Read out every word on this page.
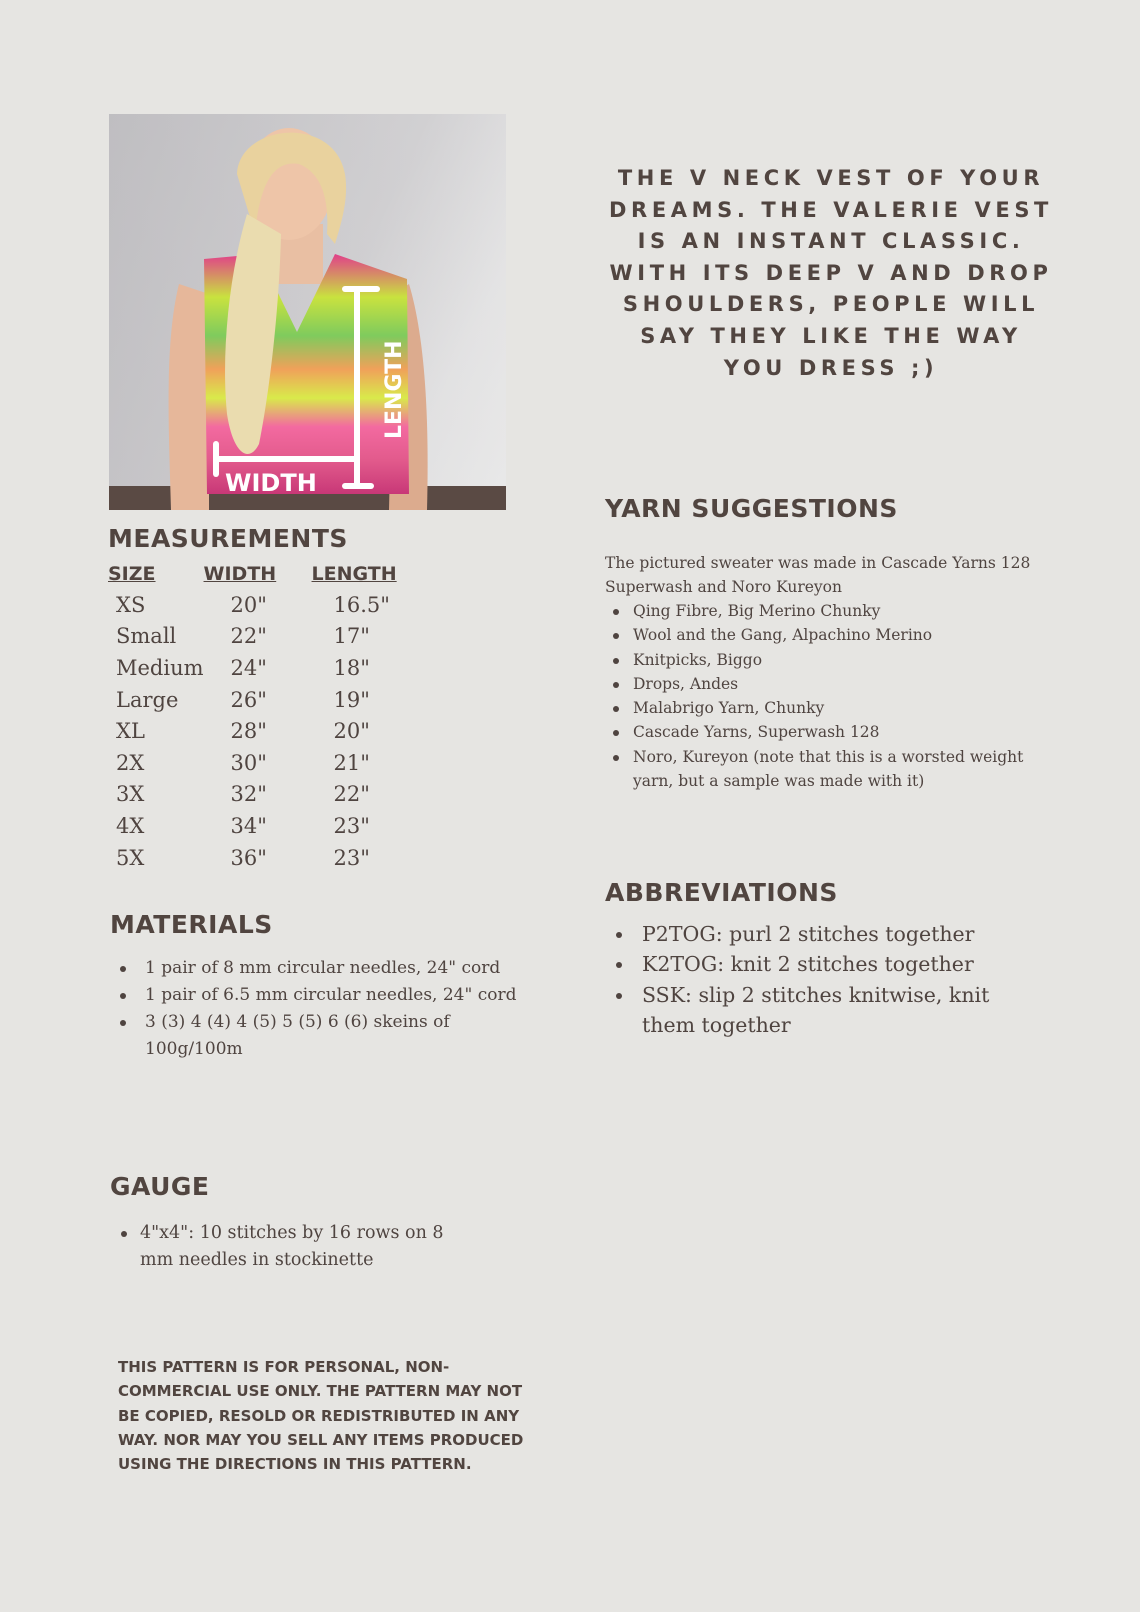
WIDTH
LENGTH
THE V NECK VEST OF YOUR DREAMS. THE VALERIE VEST IS AN INSTANT CLASSIC. WITH ITS DEEP V AND DROP SHOULDERS, PEOPLE WILL SAY THEY LIKE THE WAY YOU DRESS ;)
MEASUREMENTS
SIZE	WIDTH	LENGTH
XS	20"	16.5"
Small	22"	17"
Medium	24"	18"
Large	26"	19"
XL	28"	20"
2X	30"	21"
3X	32"	22"
4X	34"	23"
5X	36"	23"
MATERIALS
1 pair of 8 mm circular needles, 24" cord
1 pair of 6.5 mm circular needles, 24" cord
3 (3) 4 (4) 4 (5) 5 (5) 6 (6) skeins of 100g/100m
GAUGE
4"x4": 10 stitches by 16 rows on 8 mm needles in stockinette
THIS PATTERN IS FOR PERSONAL, NON-COMMERCIAL USE ONLY. THE PATTERN MAY NOT BE COPIED, RESOLD OR REDISTRIBUTED IN ANY WAY. NOR MAY YOU SELL ANY ITEMS PRODUCED USING THE DIRECTIONS IN THIS PATTERN.
YARN SUGGESTIONS
The pictured sweater was made in Cascade Yarns 128 Superwash and Noro Kureyon
Qing Fibre, Big Merino Chunky
Wool and the Gang, Alpachino Merino
Knitpicks, Biggo
Drops, Andes
Malabrigo Yarn, Chunky
Cascade Yarns, Superwash 128
Noro, Kureyon (note that this is a worsted weight yarn, but a sample was made with it)
ABBREVIATIONS
P2TOG: purl 2 stitches together
K2TOG: knit 2 stitches together
SSK: slip 2 stitches knitwise, knit them together
